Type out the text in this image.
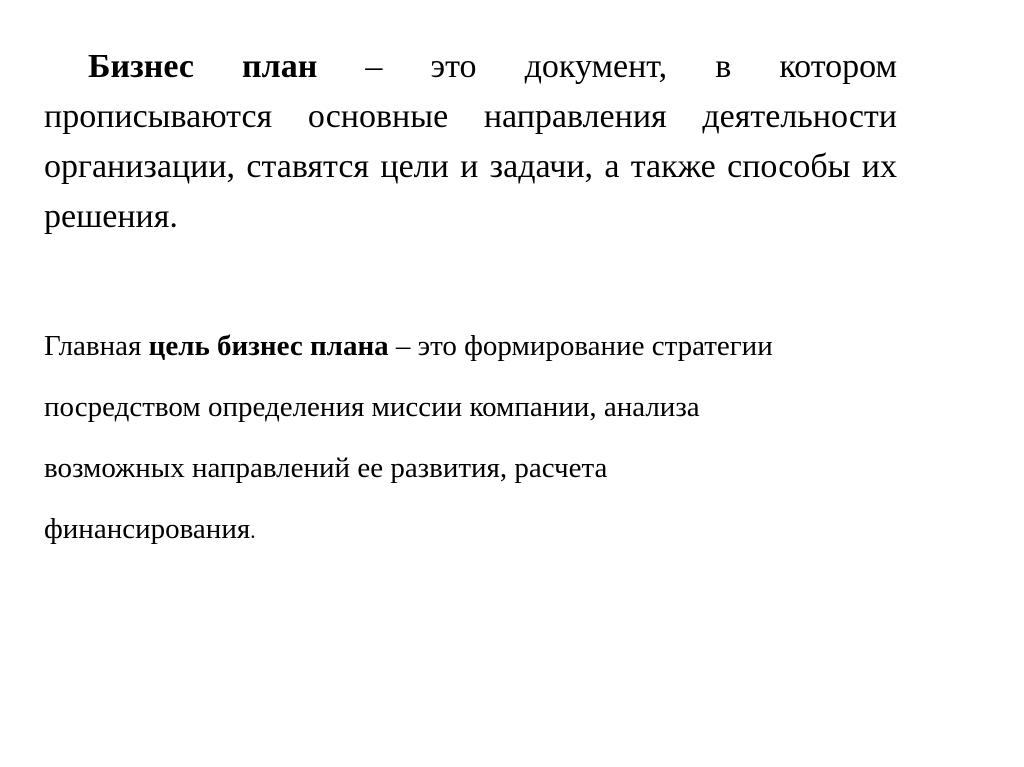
Бизнес план – это документ, в котором прописываются основные направления деятельности организации, ставятся цели и задачи, а также способы их решения.

Главная цель бизнес плана – это формирование стратегии
посредством определения миссии компании, анализа
возможных направлений ее развития, расчета
финансирования.
